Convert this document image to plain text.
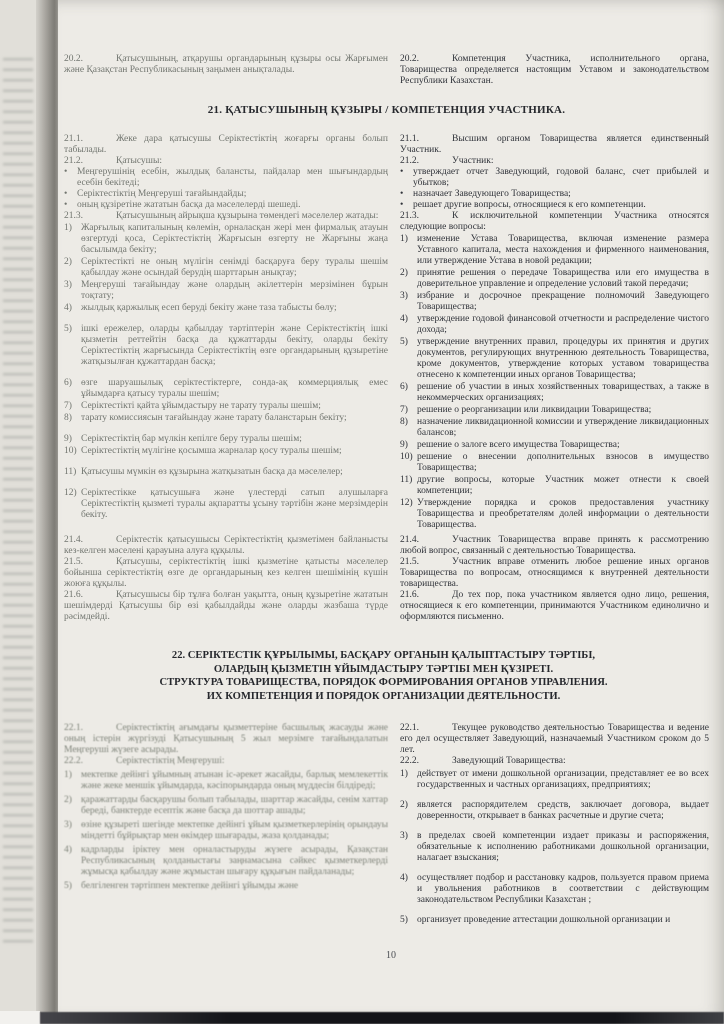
20.2.	Қатысушының, атқарушы органдарының құзыры осы Жарғымен және Қазақстан Республикасының заңымен анықталады.

20.2.	Компетенция Участника, исполнительного органа, Товарищества определяется настоящим Уставом и законодательством Республики Казахстан.

21. ҚАТЫСУШЫНЫҢ ҚҰЗЫРЫ / КОМПЕТЕНЦИЯ УЧАСТНИКА.

21.1.	Жеке дара қатысушы Серіктестіктің жоғарғы органы болып табылады.

21.2.	Қатысушы:

• Меңгерушінің есебін, жылдық балансты, пайдалар мен шығындардың есебін бекітеді;
• Серіктестіктің Меңгеруші тағайындайды;
• оның құзіретіне жататын басқа да мәселелерді шешеді.

21.3.	Қатысушының айрықша құзырына төмендегі мәселелер жатады:

1) Жарғылық капиталының көлемін, орналасқан жері мен фирмалық атауын өзгертуді қоса, Серіктестіктің Жарғысын өзгерту не Жарғыны жаңа басылымда бекіту;
2) Серіктестікті не оның мүлігін сенімді басқаруға беру туралы шешім қабылдау және осындай берудің шарттарын анықтау;
3) Меңгеруші тағайындау және олардың әкілеттерін мерзімінен бұрын тоқтату;
4) жылдық қаржылық есеп беруді бекіту және таза табысты бөлу;
5) ішкі ережелер, оларды қабылдау тәртіптерін және Серіктестіктің ішкі қызметін реттейтін басқа да құжаттарды бекіту, оларды бекіту Серіктестіктің жарғысында Серіктестіктің өзге органдарының құзыретіне жатқызылған құжаттардан басқа;
6) өзге шаруашылық серіктестіктерге, сонда-ақ коммерциялық емес ұйымдарға қатысу туралы шешім;
7) Серіктестікті қайта ұйымдастыру не тарату туралы шешім;
8) тарату комиссиясын тағайындау және тарату баланстарын бекіту;
9) Серіктестіктің бар мүлкін кепілге беру туралы шешім;
10) Серіктестіктің мүлігіне қосымша жарналар қосу туралы шешім;
11) Қатысушы мүмкін өз құзырына жатқызатын басқа да мәселелер;
12) Серіктестікке қатысушыға және үлестерді сатып алушыларға Серіктестіктің қызметі туралы ақпаратты ұсыну тәртібін және мерзімдерін бекіту.

21.4.	Серіктестік қатысушысы Серіктестіктің қызметімен байланысты кез-келген мәселені қарауына алуға құқылы.

21.5.	Қатысушы, серіктестіктің ішкі қызметіне қатысты мәселелер бойынша серіктестіктің өзге де органдарының кез келген шешімінің күшін жоюға құқылы.

21.6.	Қатысушысы бір тұлға болған уақытта, оның құзыретіне жататын шешімдерді Қатысушы бір өзі қабылдайды және оларды жазбаша түрде рәсімдейді.

21.1.	Высшим органом Товарищества является единственный Участник.

21.2.	Участник:

• утверждает отчет Заведующий, годовой баланс, счет прибылей и убытков;
• назначает Заведующего Товарищества;
• решает другие вопросы, относящиеся к его компетенции.

21.3.	К исключительной компетенции Участника относятся следующие вопросы:

1) изменение Устава Товарищества, включая изменение размера Уставного капитала, места нахождения и фирменного наименования, или утверждение Устава в новой редакции;
2) принятие решения о передаче Товарищества или его имущества в доверительное управление и определение условий такой передачи;
3) избрание и досрочное прекращение полномочий Заведующего Товарищества;
4) утверждение годовой финансовой отчетности и распределение чистого дохода;
5) утверждение внутренних правил, процедуры их принятия и других документов, регулирующих внутреннюю деятельность Товарищества, кроме документов, утверждение которых уставом товарищества отнесено к компетенции иных органов Товарищества;
6) решение об участии в иных хозяйственных товариществах, а также в некоммерческих организациях;
7) решение о реорганизации или ликвидации Товарищества;
8) назначение ликвидационной комиссии и утверждение ликвидационных балансов;
9) решение о залоге всего имущества Товарищества;
10) решение о внесении дополнительных взносов в имущество Товарищества;
11) другие вопросы, которые Участник может отнести к своей компетенции;
12) Утверждение порядка и сроков предоставления участнику Товарищества и преобретателям долей информации о деятельности Товарищества.

21.4.	Участник Товарищества вправе принять к рассмотрению любой вопрос, связанный с деятельностью Товарищества.

21.5.	Участник вправе отменить любое решение иных органов Товарищества по вопросам, относящимся к внутренней деятельности товарищества.

21.6.	До тех пор, пока участником является одно лицо, решения, относящиеся к его компетенции, принимаются Участником единолично и оформляются письменно.

22. СЕРІКТЕСТІК ҚҰРЫЛЫМЫ, БАСҚАРУ ОРГАНЫН ҚАЛЫПТАСТЫРУ ТӘРТІБІ,
ОЛАРДЫҢ ҚЫЗМЕТІН ҰЙЫМДАСТЫРУ ТӘРТІБІ МЕН ҚҰЗІРЕТІ.
СТРУКТУРА ТОВАРИЩЕСТВА, ПОРЯДОК ФОРМИРОВАНИЯ ОРГАНОВ УПРАВЛЕНИЯ.
ИХ КОМПЕТЕНЦИЯ И ПОРЯДОК ОРГАНИЗАЦИИ ДЕЯТЕЛЬНОСТИ.

22.1.	Серіктестіктің ағымдағы қызметтеріне басшылық жасауды және оның істерін жүргізуді Қатысушының 5 жыл мерзімге тағайындалатын Меңгеруші жүзеге асырады.

22.2.	Серіктестіктің Меңгеруші:

1) мектепке дейінгі ұйымның атынан іс-әрекет жасайды, барлық мемлекеттік және жеке меншік ұйымдарда, кәсіпорындарда оның мүддесін білдіреді;
2) қаражаттарды басқарушы болып табылады, шарттар жасайды, сенім хаттар береді, банктерде есептік және басқа да шоттар ашады;
3) өзіне құзыреті шегінде мектепке дейінгі ұйым қызметкерлерінің орындауы міндетті бұйрықтар мен өкімдер шығарады, жаза қолданады;
4) кадрларды іріктеу мен орналастыруды жүзеге асырады, Қазақстан Республикасының қолданыстағы заңнамасына сәйкес қызметкерлерді жұмысқа қабылдау және жұмыстан шығару құқығын пайдаланады;
5) белгіленген тәртіппен мектепке дейінгі ұйымды және

22.1.	Текущее руководство деятельностью Товарищества и ведение его дел осуществляет Заведующий, назначаемый Участником сроком до 5 лет.

22.2.	Заведующий Товарищества:

1) действует от имени дошкольной организации, представляет ее во всех государственных и частных организациях, предприятиях;
2) является распорядителем средств, заключает договора, выдает доверенности, открывает в банках расчетные и другие счета;
3) в пределах своей компетенции издает приказы и распоряжения, обязательные к исполнению работниками дошкольной организации, налагает взыскания;
4) осуществляет подбор и расстановку кадров, пользуется правом приема и увольнения работников в соответствии с действующим законодательством Республики Казахстан ;
5) организует проведение аттестации дошкольной организации и
10
